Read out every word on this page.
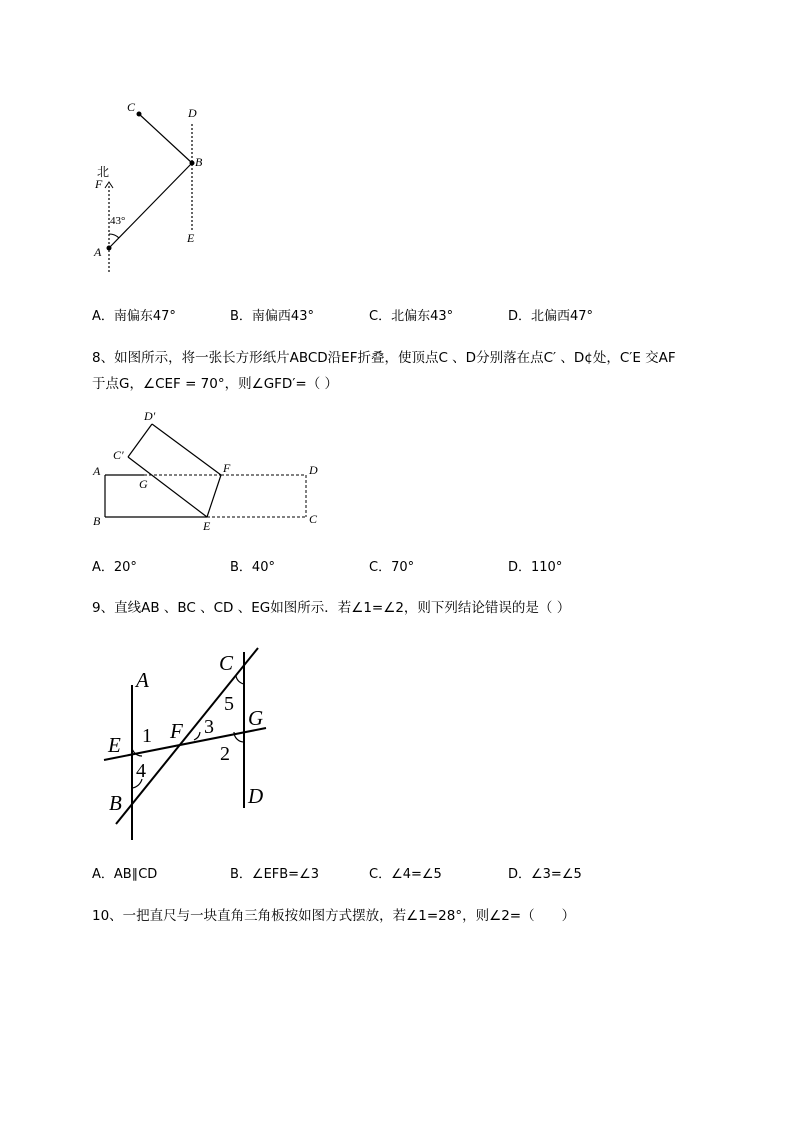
C	D
B
北
F
43°
E
A
A．南偏东47°	B．南偏西43°	C．北偏东43°	D．北偏西47°
8、如图所示，将一张长方形纸片ABCD沿EF折叠，使顶点C 、D分别落在点C′ 、D¢处，C′E 交AF
于点G，∠CEF = 70°，则∠GFD′=（ ）
D′
C′
A
G
F	D
B	E	C
A．20°	B．40°	C．70°	D．110°
9、直线AB 、BC 、CD 、EG如图所示．若∠1=∠2，则下列结论错误的是（ ）
C
A
5
G
E 1 F 3
2
4
B	D
A．AB∥CD	B．∠EFB=∠3	C．∠4=∠5	D．∠3=∠5
10、一把直尺与一块直角三角板按如图方式摆放，若∠1=28°，则∠2=（　　）
